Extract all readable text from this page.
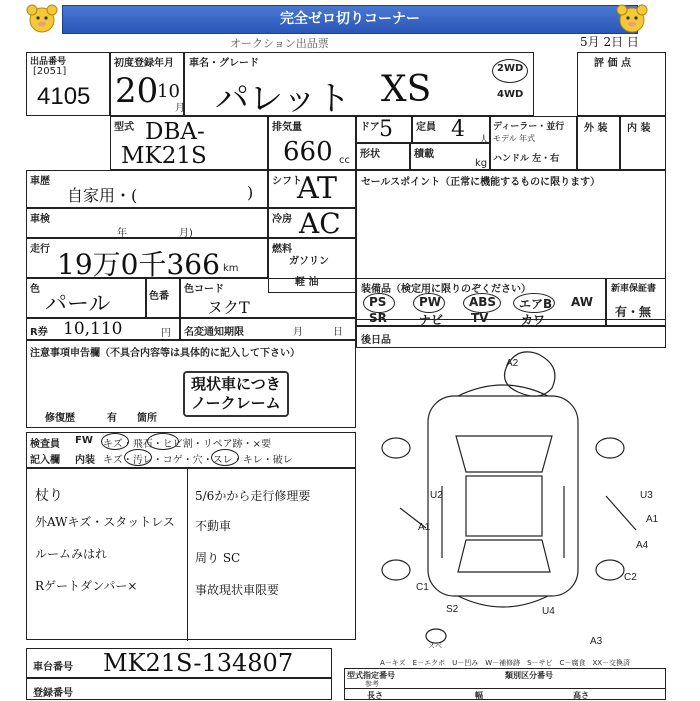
完全ゼロ切りコーナー
オークション出品票	5月 2日 日
出品番号
[2051]
4105
初度登録年月
20
10
月
車名・グレード
パレット XS
2WD
4WD
評 価 点
型式 DBA-
MK21S
排気量
660 cc
ドア 5 定員 4 人
形状	積載
kg
ディーラー・並行
モデル 年式
ハンドル 左・右
外 装 内 装
車歴
自家用・(	)
シフト
AT セールスポイント（正常に機能するものに限ります）
車検
年	月)
冷房 AC
走行 19万0千366 km
燃料
ガソリン
軽 油
色
パール	色番
色コード
ヌクT
装備品（検定用に限りのぞください）
PS	PW ABS エアB AW
SR	ナビ TV	カワ
新車保証書
有・無
R券 10,110	円 名変通知期限	月	日
後日品
注意事項申告欄（不具合内容等は具体的に記入して下さい）
現状車につき
ノークレーム
修復歴	有 箇所
検査員
記入欄
FW キズ・飛石・ヒビ割・リペア跡・×要
内装 キズ・汚レ・コゲ・穴・スレ・キレ・破レ
杖り
外AWキズ・スタットレス
ルームみはれ
Rゲートダンパー×
5/6かから走行修理要
不動車
周り SC
事故現状車限要
車台番号 MK21S-134807
登録番号
A－キズ　E－エクボ　U－凹み　W－補修跡　S－サビ　C－腐食　XX－交換済
型式指定番号	類別区分番号
参考
長さ	幅	高さ
A2
U2
A1
U3
A1
A4
C1
C2
S2	U4
A3
スベ
